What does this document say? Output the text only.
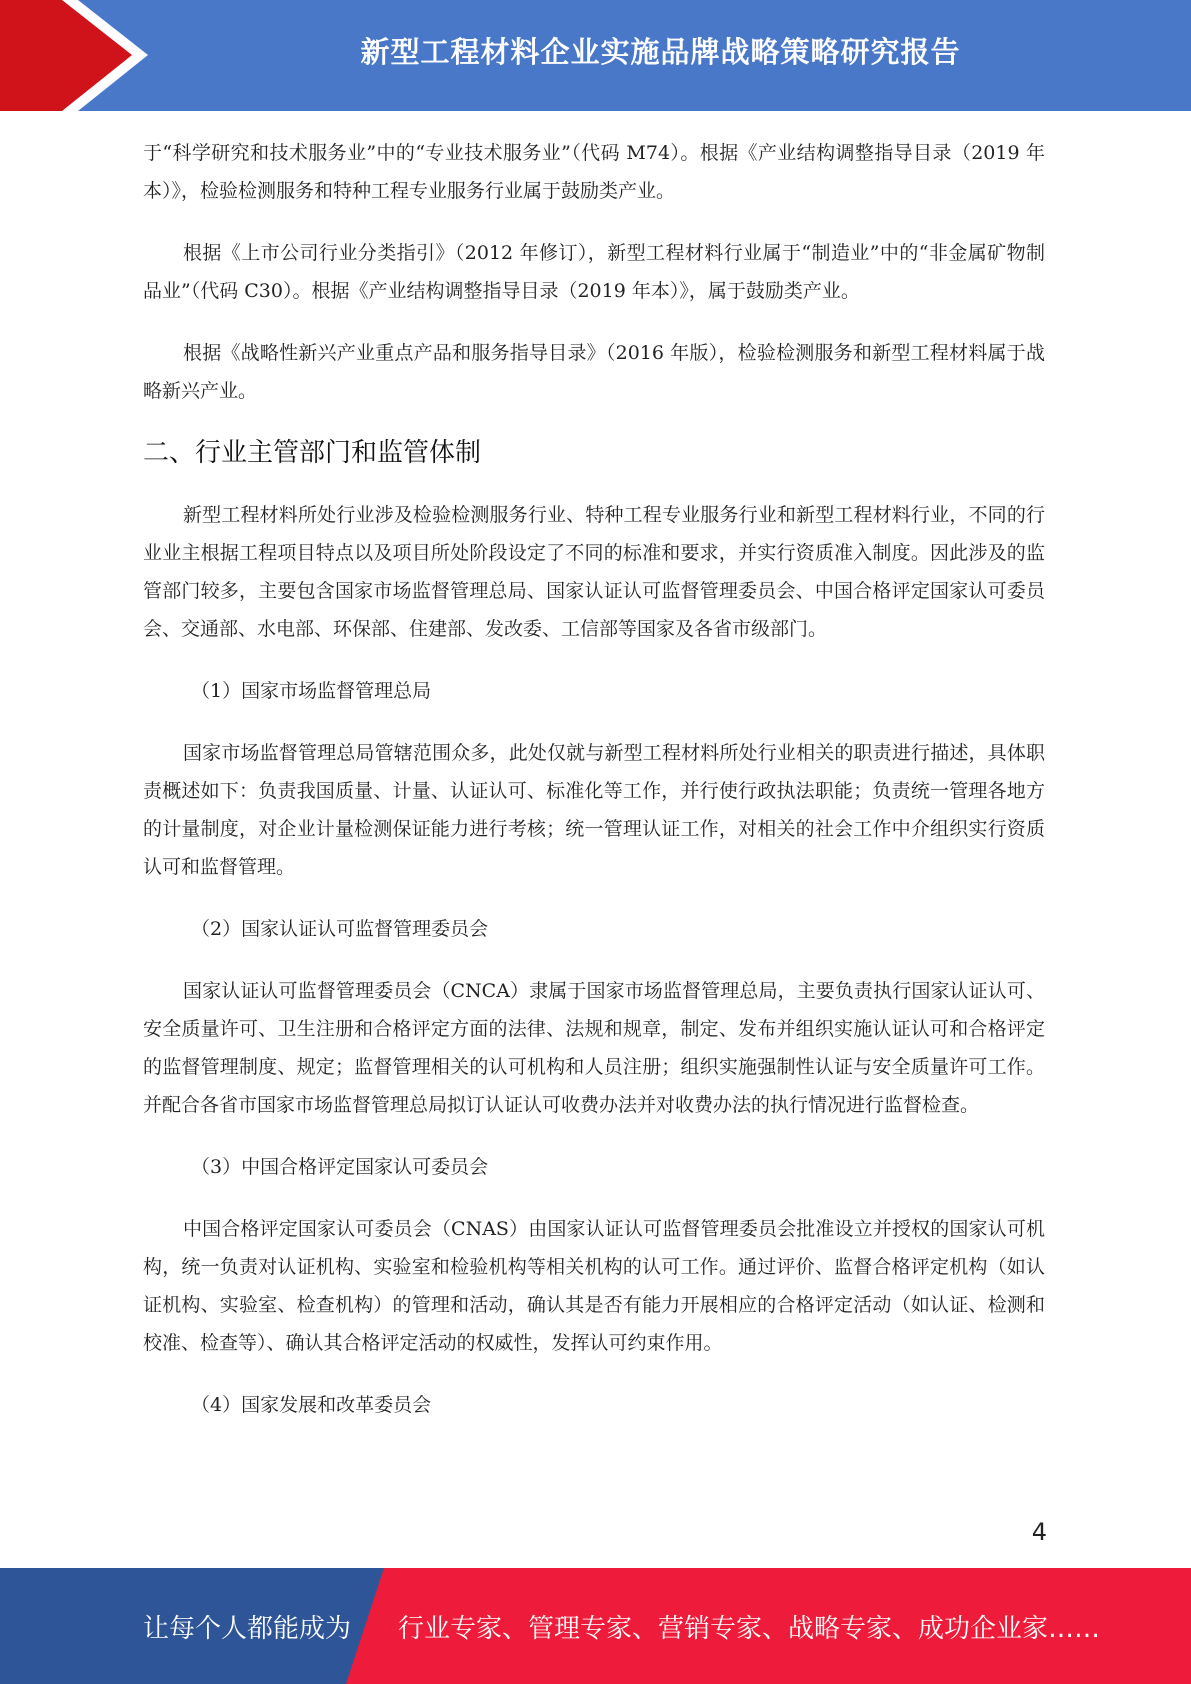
新型工程材料企业实施品牌战略策略研究报告

于“科学研究和技术服务业”中的“专业技术服务业”（代码 M74）。根据《产业结构调整指导目录（2019 年本）》，检验检测服务和特种工程专业服务行业属于鼓励类产业。

根据《上市公司行业分类指引》（2012 年修订），新型工程材料行业属于“制造业”中的“非金属矿物制品业”（代码 C30）。根据《产业结构调整指导目录（2019 年本）》，属于鼓励类产业。

根据《战略性新兴产业重点产品和服务指导目录》（2016 年版），检验检测服务和新型工程材料属于战略新兴产业。

二、行业主管部门和监管体制

新型工程材料所处行业涉及检验检测服务行业、特种工程专业服务行业和新型工程材料行业，不同的行业业主根据工程项目特点以及项目所处阶段设定了不同的标准和要求，并实行资质准入制度。因此涉及的监管部门较多，主要包含国家市场监督管理总局、国家认证认可监督管理委员会、中国合格评定国家认可委员会、交通部、水电部、环保部、住建部、发改委、工信部等国家及各省市级部门。

（1）国家市场监督管理总局

国家市场监督管理总局管辖范围众多，此处仅就与新型工程材料所处行业相关的职责进行描述，具体职责概述如下：负责我国质量、计量、认证认可、标准化等工作，并行使行政执法职能；负责统一管理各地方的计量制度，对企业计量检测保证能力进行考核；统一管理认证工作，对相关的社会工作中介组织实行资质认可和监督管理。

（2）国家认证认可监督管理委员会

国家认证认可监督管理委员会（CNCA）隶属于国家市场监督管理总局，主要负责执行国家认证认可、安全质量许可、卫生注册和合格评定方面的法律、法规和规章，制定、发布并组织实施认证认可和合格评定的监督管理制度、规定；监督管理相关的认可机构和人员注册；组织实施强制性认证与安全质量许可工作。并配合各省市国家市场监督管理总局拟订认证认可收费办法并对收费办法的执行情况进行监督检查。

（3）中国合格评定国家认可委员会

中国合格评定国家认可委员会（CNAS）由国家认证认可监督管理委员会批准设立并授权的国家认可机构，统一负责对认证机构、实验室和检验机构等相关机构的认可工作。通过评价、监督合格评定机构（如认证机构、实验室、检查机构）的管理和活动，确认其是否有能力开展相应的合格评定活动（如认证、检测和校准、检查等）、确认其合格评定活动的权威性，发挥认可约束作用。

（4）国家发展和改革委员会

4
让每个人都能成为 行业专家、管理专家、营销专家、战略专家、成功企业家……
